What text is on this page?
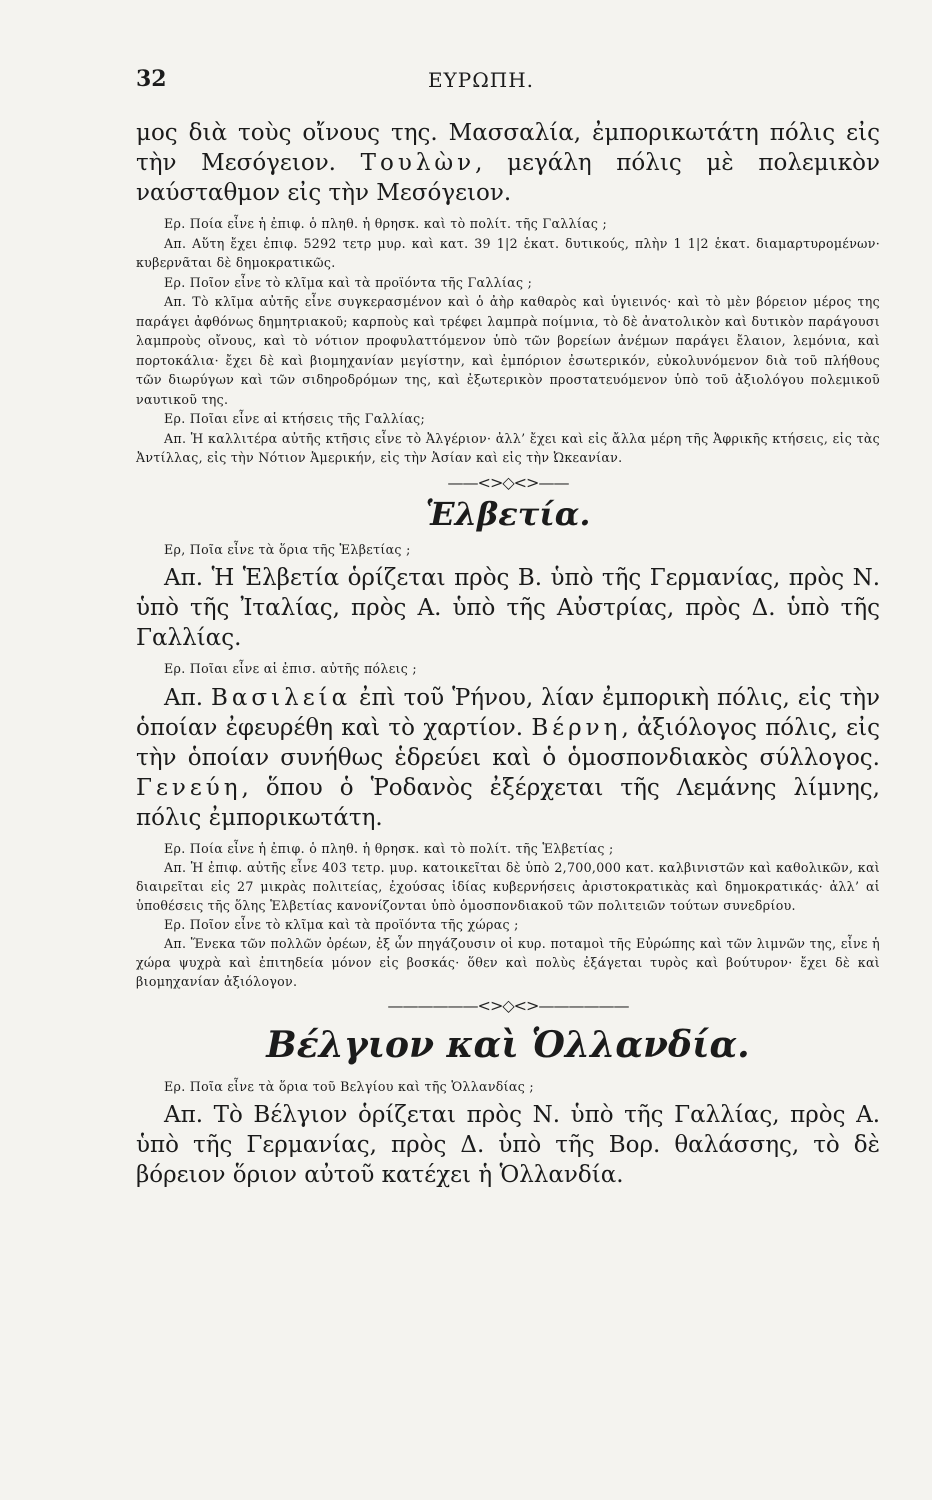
32	ΕΥΡΩΠΗ.

μος διὰ τοὺς οἴνους της. Μασσαλία, ἐμπορικωτάτη πόλις εἰς τὴν Μεσόγειον. Τουλὼν, μεγάλη πόλις μὲ πολεμικὸν ναύσταθμον εἰς τὴν Μεσόγειον.

Ερ. Ποία εἶνε ἡ ἐπιφ. ὁ πληθ. ἡ θρησκ. καὶ τὸ πολίτ. τῆς Γαλλίας ;

Απ. Αὕτη ἔχει ἐπιφ. 5292 τετρ μυρ. καὶ κατ. 39 1|2 ἑκατ. δυτικούς, πλὴν 1 1|2 ἑκατ. διαμαρτυρομένων· κυβερνᾶται δὲ δημοκρατικῶς.

Ερ. Ποῖον εἶνε τὸ κλῖμα καὶ τὰ προϊόντα τῆς Γαλλίας ;

Απ. Τὸ κλῖμα αὐτῆς εἶνε συγκερασμένον καὶ ὁ ἀὴρ καθαρὸς καὶ ὑγιεινός· καὶ τὸ μὲν βόρειον μέρος της παράγει ἀφθόνως δημητριακοῦ; καρποὺς καὶ τρέφει λαμπρὰ ποίμνια, τὸ δὲ ἀνατολικὸν καὶ δυτικὸν παράγουσι λαμπροὺς οἴνους, καὶ τὸ νότιον προφυλαττόμενον ὑπὸ τῶν βορείων ἀνέμων παράγει ἔλαιον, λεμόνια, καὶ πορτοκάλια· ἔχει δὲ καὶ βιομηχανίαν μεγίστην, καὶ ἐμπόριον ἐσωτερικόν, εὐκολυνόμενον διὰ τοῦ πλήθους τῶν διωρύγων καὶ τῶν σιδηροδρόμων της, καὶ ἐξωτερικὸν προστατευόμενον ὑπὸ τοῦ ἀξιολόγου πολεμικοῦ ναυτικοῦ της.

Ερ. Ποῖαι εἶνε αἱ κτήσεις τῆς Γαλλίας;

Απ. Ἡ καλλιτέρα αὐτῆς κτῆσις εἶνε τὸ Ἀλγέριον· ἀλλ’ ἔχει καὶ εἰς ἄλλα μέρη τῆς Ἀφρικῆς κτήσεις, εἰς τὰς Ἀντίλλας, εἰς τὴν Νότιον Ἀμερικήν, εἰς τὴν Ἀσίαν καὶ εἰς τὴν Ὠκεανίαν.

——<>◇<>——
Ἑλβετία.

Ερ, Ποῖα εἶνε τὰ ὅρια τῆς Ἑλβετίας ;

Απ. Ἡ Ἑλβετία ὁρίζεται πρὸς Β. ὑπὸ τῆς Γερμανίας, πρὸς Ν. ὑπὸ τῆς Ἰταλίας, πρὸς Α. ὑπὸ τῆς Αὐστρίας, πρὸς Δ. ὑπὸ τῆς Γαλλίας.

Ερ. Ποῖαι εἶνε αἱ ἐπισ. αὐτῆς πόλεις ;

Απ. Βασιλεία ἐπὶ τοῦ Ῥήνου, λίαν ἐμπορικὴ πόλις, εἰς τὴν ὁποίαν ἐφευρέθη καὶ τὸ χαρτίον. Βέρνη, ἀξιόλογος πόλις, εἰς τὴν ὁποίαν συνήθως ἑδρεύει καὶ ὁ ὁμοσπονδιακὸς σύλλογος. Γενεύη, ὅπου ὁ Ῥοδανὸς ἐξέρχεται τῆς Λεμάνης λίμνης, πόλις ἐμπορικωτάτη.

Ερ. Ποία εἶνε ἡ ἐπιφ. ὁ πληθ. ἡ θρησκ. καὶ τὸ πολίτ. τῆς Ἑλβετίας ;

Απ. Ἡ ἐπιφ. αὐτῆς εἶνε 403 τετρ. μυρ. κατοικεῖται δὲ ὑπὸ 2,700,000 κατ. καλβινιστῶν καὶ καθολικῶν, καὶ διαιρεῖται εἰς 27 μικρὰς πολιτείας, ἐχούσας ἰδίας κυβερνήσεις ἀριστοκρατικὰς καὶ δημοκρατικάς· ἀλλ’ αἱ ὑποθέσεις τῆς ὅλης Ἑλβετίας κανονίζονται ὑπὸ ὁμοσπονδιακοῦ τῶν πολιτειῶν τούτων συνεδρίου.

Ερ. Ποῖον εἶνε τὸ κλῖμα καὶ τὰ προϊόντα τῆς χώρας ;

Απ. Ἕνεκα τῶν πολλῶν ὀρέων, ἐξ ὧν πηγάζουσιν οἱ κυρ. ποταμοὶ τῆς Εὐρώπης καὶ τῶν λιμνῶν της, εἶνε ἡ χώρα ψυχρὰ καὶ ἐπιτηδεία μόνον εἰς βοσκάς· ὅθεν καὶ πολὺς ἐξάγεται τυρὸς καὶ βούτυρον· ἔχει δὲ καὶ βιομηχανίαν ἀξιόλογον.

——————<>◇<>——————
Βέλγιον καὶ Ὁλλανδία.

Ερ. Ποῖα εἶνε τὰ ὅρια τοῦ Βελγίου καὶ τῆς Ὁλλανδίας ;

Απ. Τὸ Βέλγιον ὁρίζεται πρὸς Ν. ὑπὸ τῆς Γαλλίας, πρὸς Α. ὑπὸ τῆς Γερμανίας, πρὸς Δ. ὑπὸ τῆς Βορ. θαλάσσης, τὸ δὲ βόρειον ὅριον αὐτοῦ κατέχει ἡ Ὁλλανδία.
